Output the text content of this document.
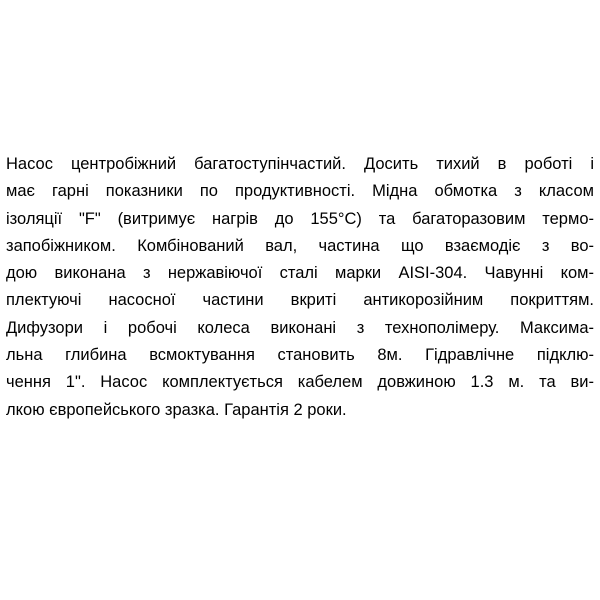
Насос центробіжний багатоступінчастий. Досить тихий в роботі і
має гарні показники по продуктивності. Мідна обмотка з класом
ізоляції "F" (витримує нагрів до 155°С) та багаторазовим термо-
запобіжником. Комбінований вал, частина що взаємодіє з во-
дою виконана з нержавіючої сталі марки AISI-304. Чавунні ком-
плектуючі насосної частини вкриті антикорозійним покриттям.
Дифузори і робочі колеса виконані з технополімеру. Максима-
льна глибина всмоктування становить 8м. Гідравлічне підклю-
чення 1". Насос комплектується кабелем довжиною 1.3 м. та ви-
лкою європейського зразка. Гарантія 2 роки.
